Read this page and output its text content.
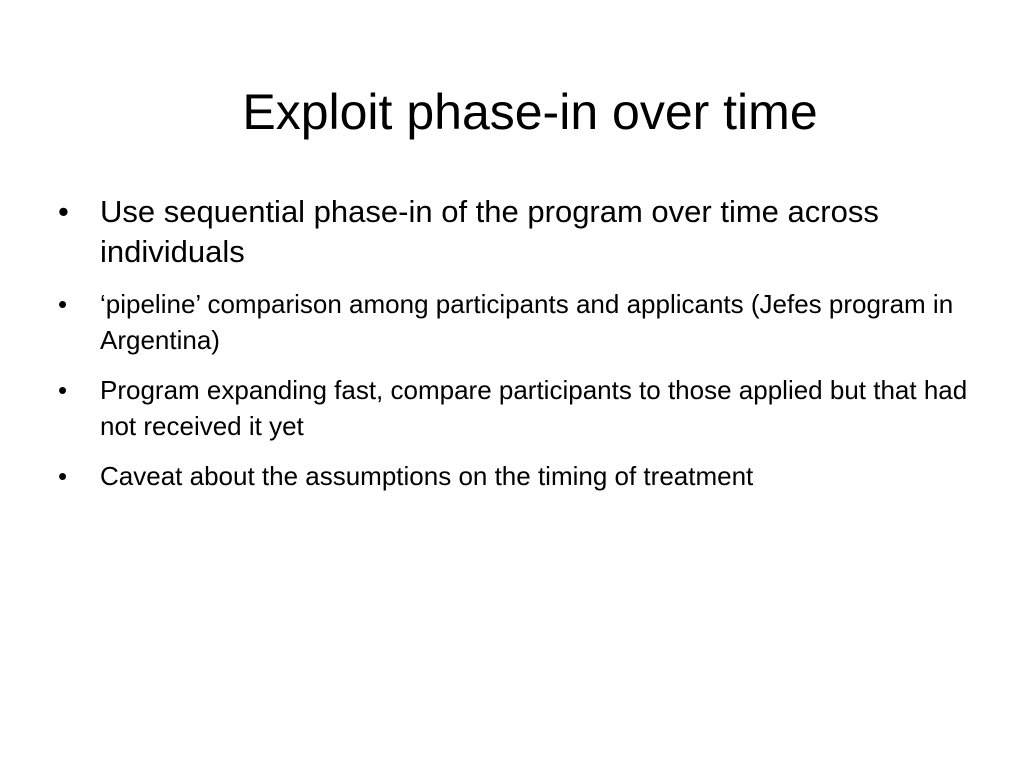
Exploit phase-in over time
• Use sequential phase-in of the program over time across individuals
• ‘pipeline’ comparison among participants and applicants (Jefes program in Argentina)
• Program expanding fast, compare participants to those applied but that had not received it yet
• Caveat about the assumptions on the timing of treatment
